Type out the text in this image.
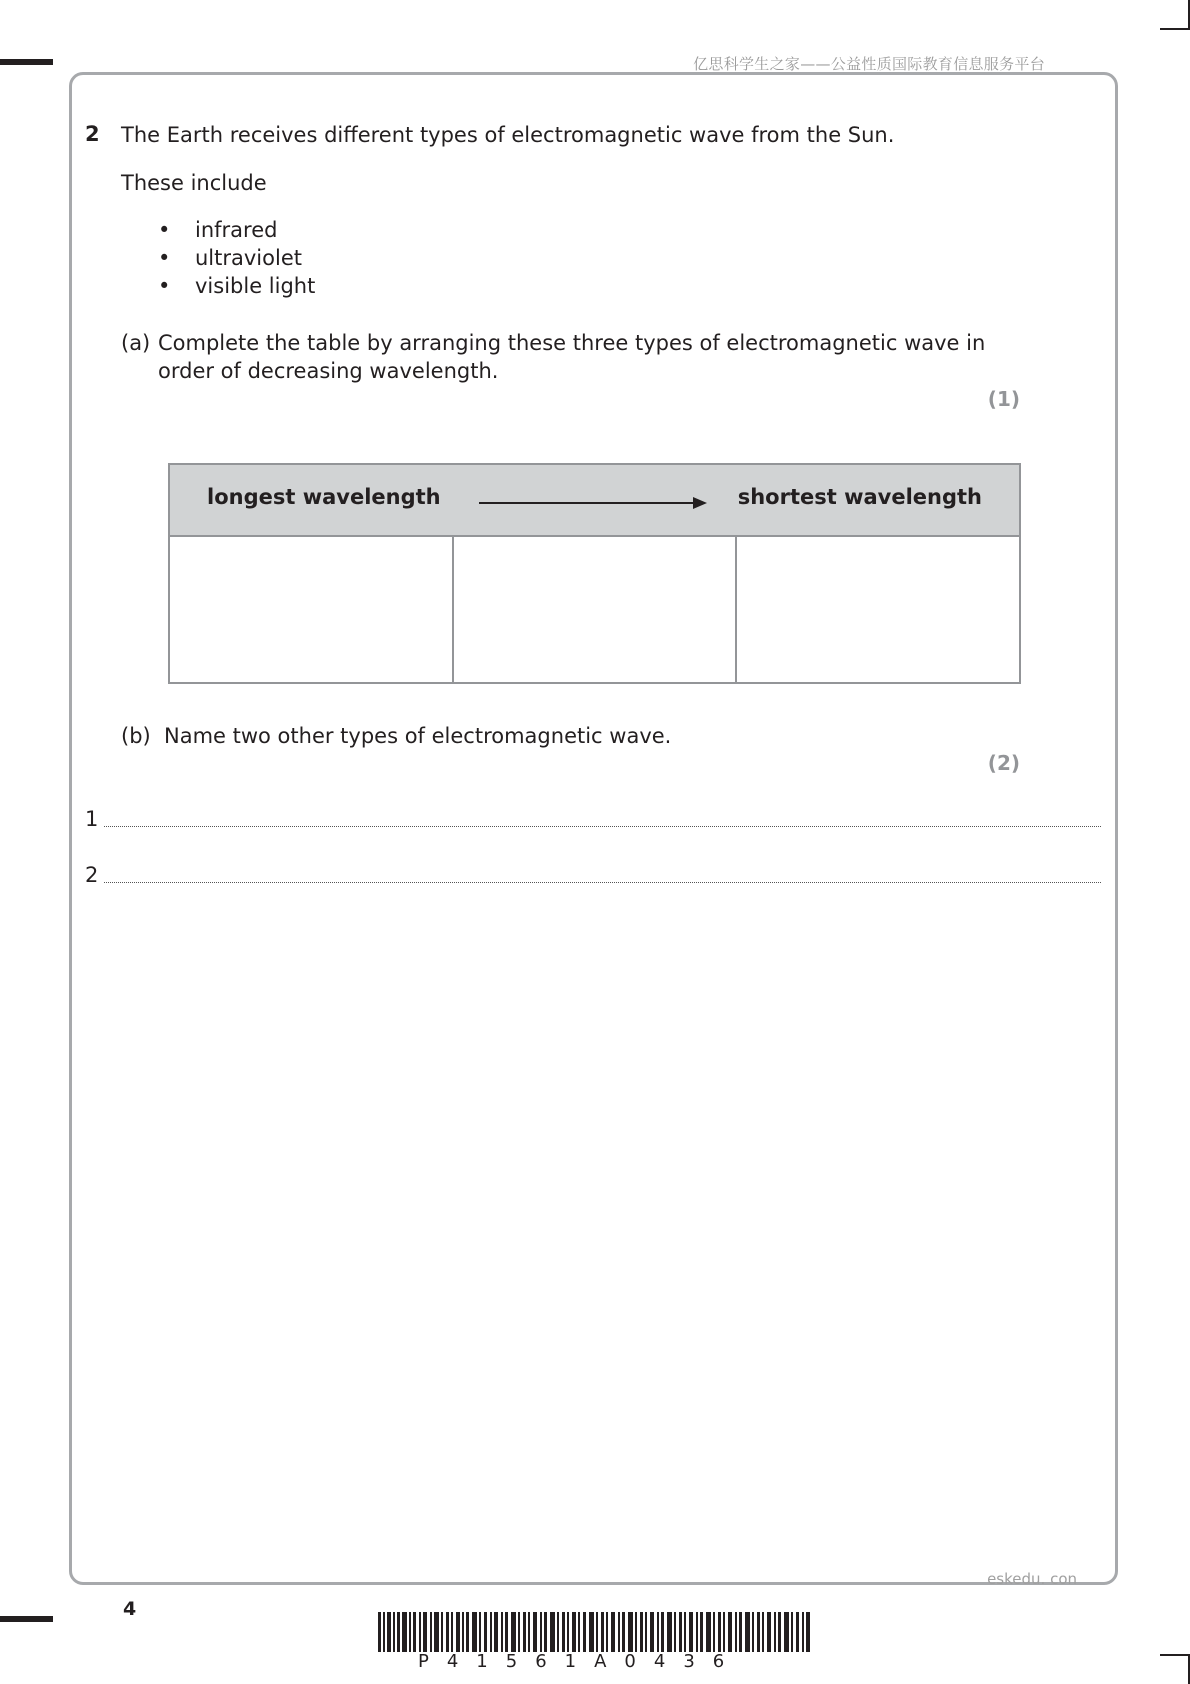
亿思科学生之家——公益性质国际教育信息服务平台
2 The Earth receives different types of electromagnetic wave from the Sun.
These include
• infrared
• ultraviolet
• visible light
(a) Complete the table by arranging these three types of electromagnetic wave in
order of decreasing wavelength.
(1)
longest wavelength	shortest wavelength

(b) Name two other types of electromagnetic wave.
(2)
1
2
eskedu. con
4
P41561A0436
